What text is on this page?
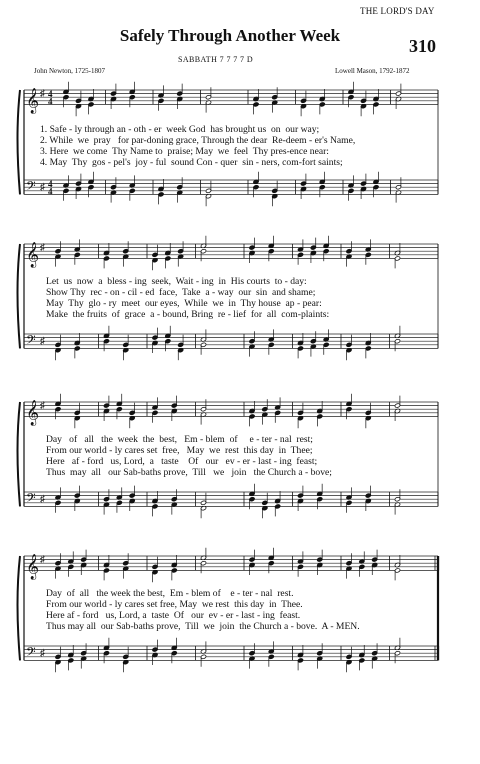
THE LORD'S DAY
Safely Through Another Week
310
SABBATH 7 7 7 7 D
John Newton, 1725-1807	Lowell Mason, 1792-1872
𝄞 ♯ 4
4
𝄢 ♯ 4
4
1. Safe - ly through an - oth - er  week God  has brought us  on  our way;
2. While  we  pray   for par-doning grace, Through the dear  Re-deem - er's Name,
3. Here  we come  Thy Name to  praise; May  we  feel  Thy pres-ence near:
4. May  Thy  gos - pel's  joy - ful  sound Con - quer  sin - ners, com-fort saints;
𝄞 ♯
𝄢 ♯
Let  us  now  a  bless - ing  seek,  Wait - ing  in  His courts  to - day:
Show Thy  rec - on - cil - ed  face,  Take  a - way  our  sin  and shame;
May  Thy  glo - ry  meet  our eyes,  While  we  in  Thy house  ap - pear:
Make  the fruits  of  grace  a - bound, Bring  re - lief  for  all  com-plaints:
𝄞 ♯
𝄢 ♯
Day   of   all   the  week  the  best,   Em - blem  of     e - ter - nal  rest;
From our world - ly cares set  free,   May  we  rest  this day  in  Thee;
Here   af - ford   us, Lord,  a   taste    Of   our   ev - er - last - ing  feast;
Thus  may  all   our Sab-baths prove,  Till   we   join   the Church a - bove;
𝄞 ♯
𝄢 ♯
Day  of  all   the week the best,  Em - blem of    e - ter - nal  rest.
From our world - ly cares set free, May  we rest  this day  in  Thee.
Here af - ford   us, Lord, a  taste  Of   our  ev - er - last - ing  feast.
Thus may all  our Sab-baths prove,  Till  we  join  the Church a - bove.  A - MEN.
